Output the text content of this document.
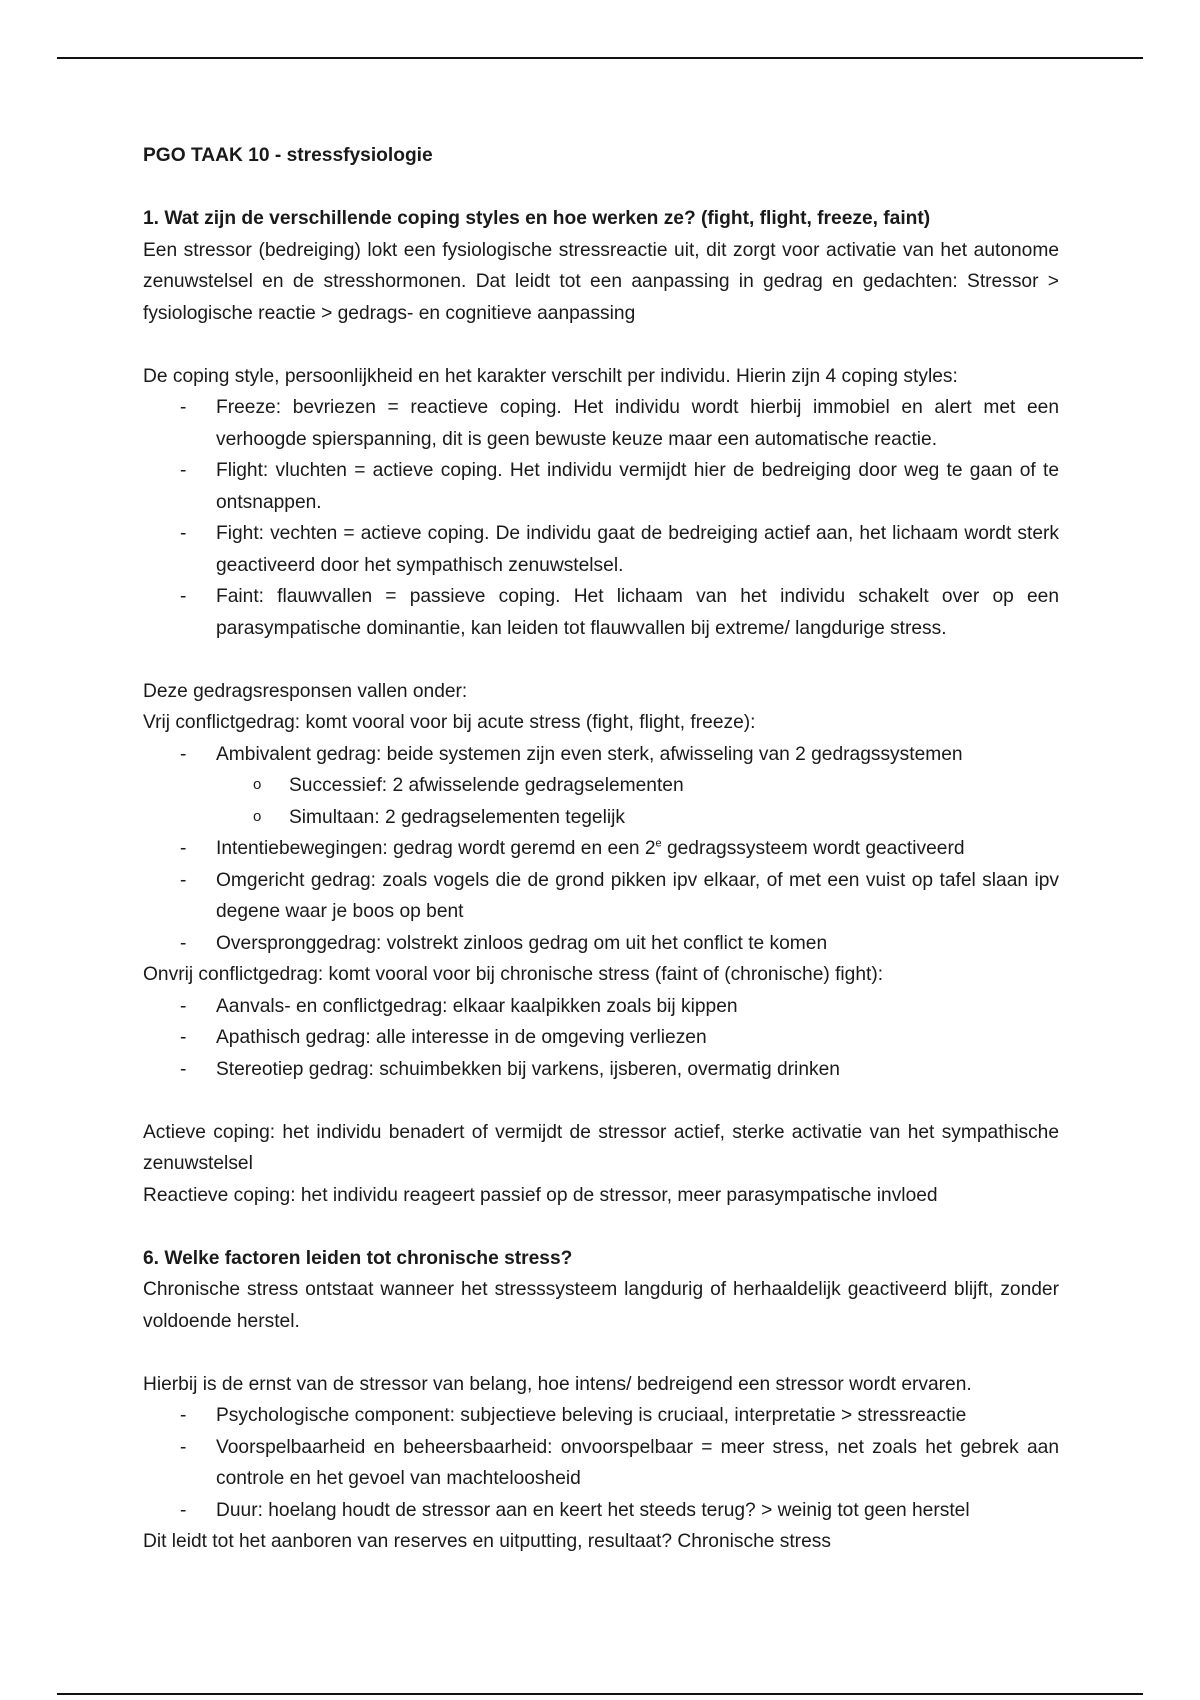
PGO TAAK 10 - stressfysiologie

1. Wat zijn de verschillende coping styles en hoe werken ze? (fight, flight, freeze, faint)

Een stressor (bedreiging) lokt een fysiologische stressreactie uit, dit zorgt voor activatie van het autonome zenuwstelsel en de stresshormonen. Dat leidt tot een aanpassing in gedrag en gedachten: Stressor > fysiologische reactie > gedrags- en cognitieve aanpassing

De coping style, persoonlijkheid en het karakter verschilt per individu. Hierin zijn 4 coping styles:

- Freeze: bevriezen = reactieve coping. Het individu wordt hierbij immobiel en alert met een verhoogde spierspanning, dit is geen bewuste keuze maar een automatische reactie.
- Flight: vluchten = actieve coping. Het individu vermijdt hier de bedreiging door weg te gaan of te ontsnappen.
- Fight: vechten = actieve coping. De individu gaat de bedreiging actief aan, het lichaam wordt sterk geactiveerd door het sympathisch zenuwstelsel.
- Faint: flauwvallen = passieve coping. Het lichaam van het individu schakelt over op een parasympatische dominantie, kan leiden tot flauwvallen bij extreme/ langdurige stress.

Deze gedragsresponsen vallen onder:

Vrij conflictgedrag: komt vooral voor bij acute stress (fight, flight, freeze):

- Ambivalent gedrag: beide systemen zijn even sterk, afwisseling van 2 gedragssystemen
o Successief: 2 afwisselende gedragselementen
o Simultaan: 2 gedragselementen tegelijk
- Intentiebewegingen: gedrag wordt geremd en een 2e gedragssysteem wordt geactiveerd
- Omgericht gedrag: zoals vogels die de grond pikken ipv elkaar, of met een vuist op tafel slaan ipv degene waar je boos op bent
- Overspronggedrag: volstrekt zinloos gedrag om uit het conflict te komen

Onvrij conflictgedrag: komt vooral voor bij chronische stress (faint of (chronische) fight):

- Aanvals- en conflictgedrag: elkaar kaalpikken zoals bij kippen
- Apathisch gedrag: alle interesse in de omgeving verliezen
- Stereotiep gedrag: schuimbekken bij varkens, ijsberen, overmatig drinken

Actieve coping: het individu benadert of vermijdt de stressor actief, sterke activatie van het sympathische zenuwstelsel

Reactieve coping: het individu reageert passief op de stressor, meer parasympatische invloed

6. Welke factoren leiden tot chronische stress?

Chronische stress ontstaat wanneer het stresssysteem langdurig of herhaaldelijk geactiveerd blijft, zonder voldoende herstel.

Hierbij is de ernst van de stressor van belang, hoe intens/ bedreigend een stressor wordt ervaren.

- Psychologische component: subjectieve beleving is cruciaal, interpretatie > stressreactie
- Voorspelbaarheid en beheersbaarheid: onvoorspelbaar = meer stress, net zoals het gebrek aan controle en het gevoel van machteloosheid
- Duur: hoelang houdt de stressor aan en keert het steeds terug? > weinig tot geen herstel

Dit leidt tot het aanboren van reserves en uitputting, resultaat? Chronische stress
